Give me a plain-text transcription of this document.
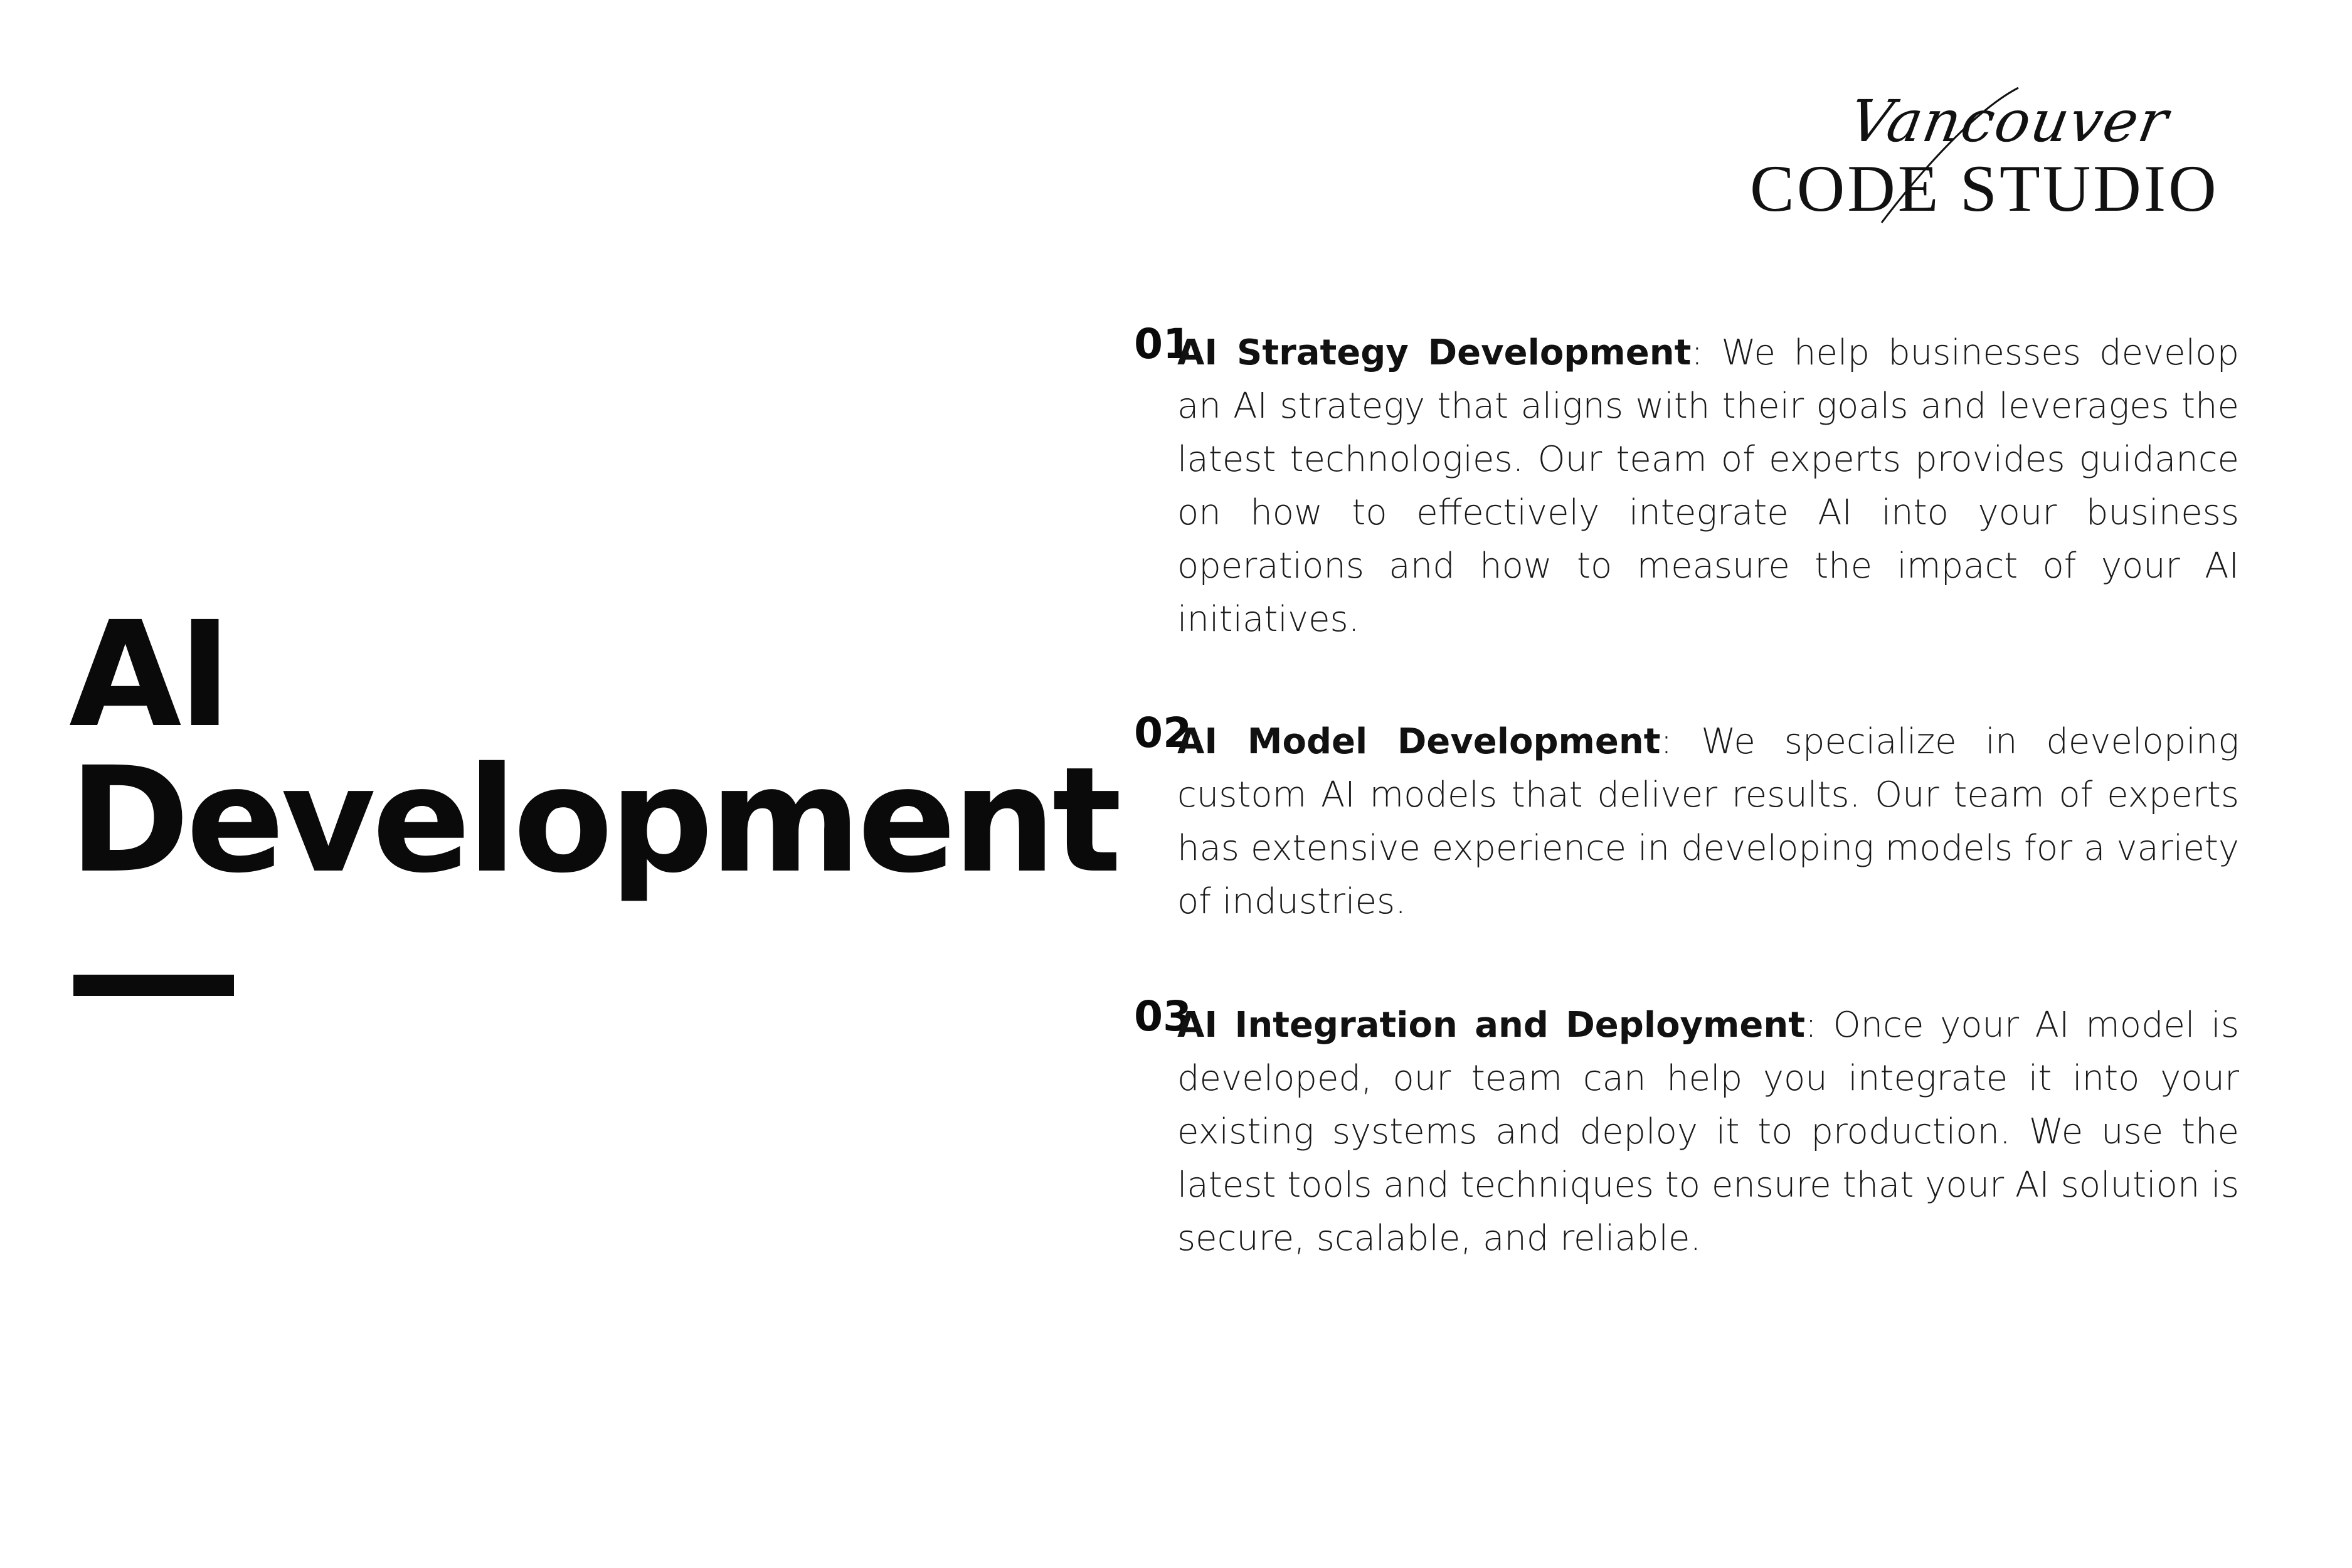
Vancouver
CODE STUDIO
AI
Development
01

AI Strategy Development: We help businesses develop an AI strategy that aligns with their goals and leverages the latest technologies. Our team of experts provides guidance on how to effectively integrate AI into your business operations and how to measure the impact of your AI initiatives.

02

AI Model Development: We specialize in developing custom AI models that deliver results. Our team of experts has extensive experience in developing models for a variety of industries.

03

AI Integration and Deployment: Once your AI model is developed, our team can help you integrate it into your existing systems and deploy it to production. We use the latest tools and techniques to ensure that your AI solution is secure, scalable, and reliable.
